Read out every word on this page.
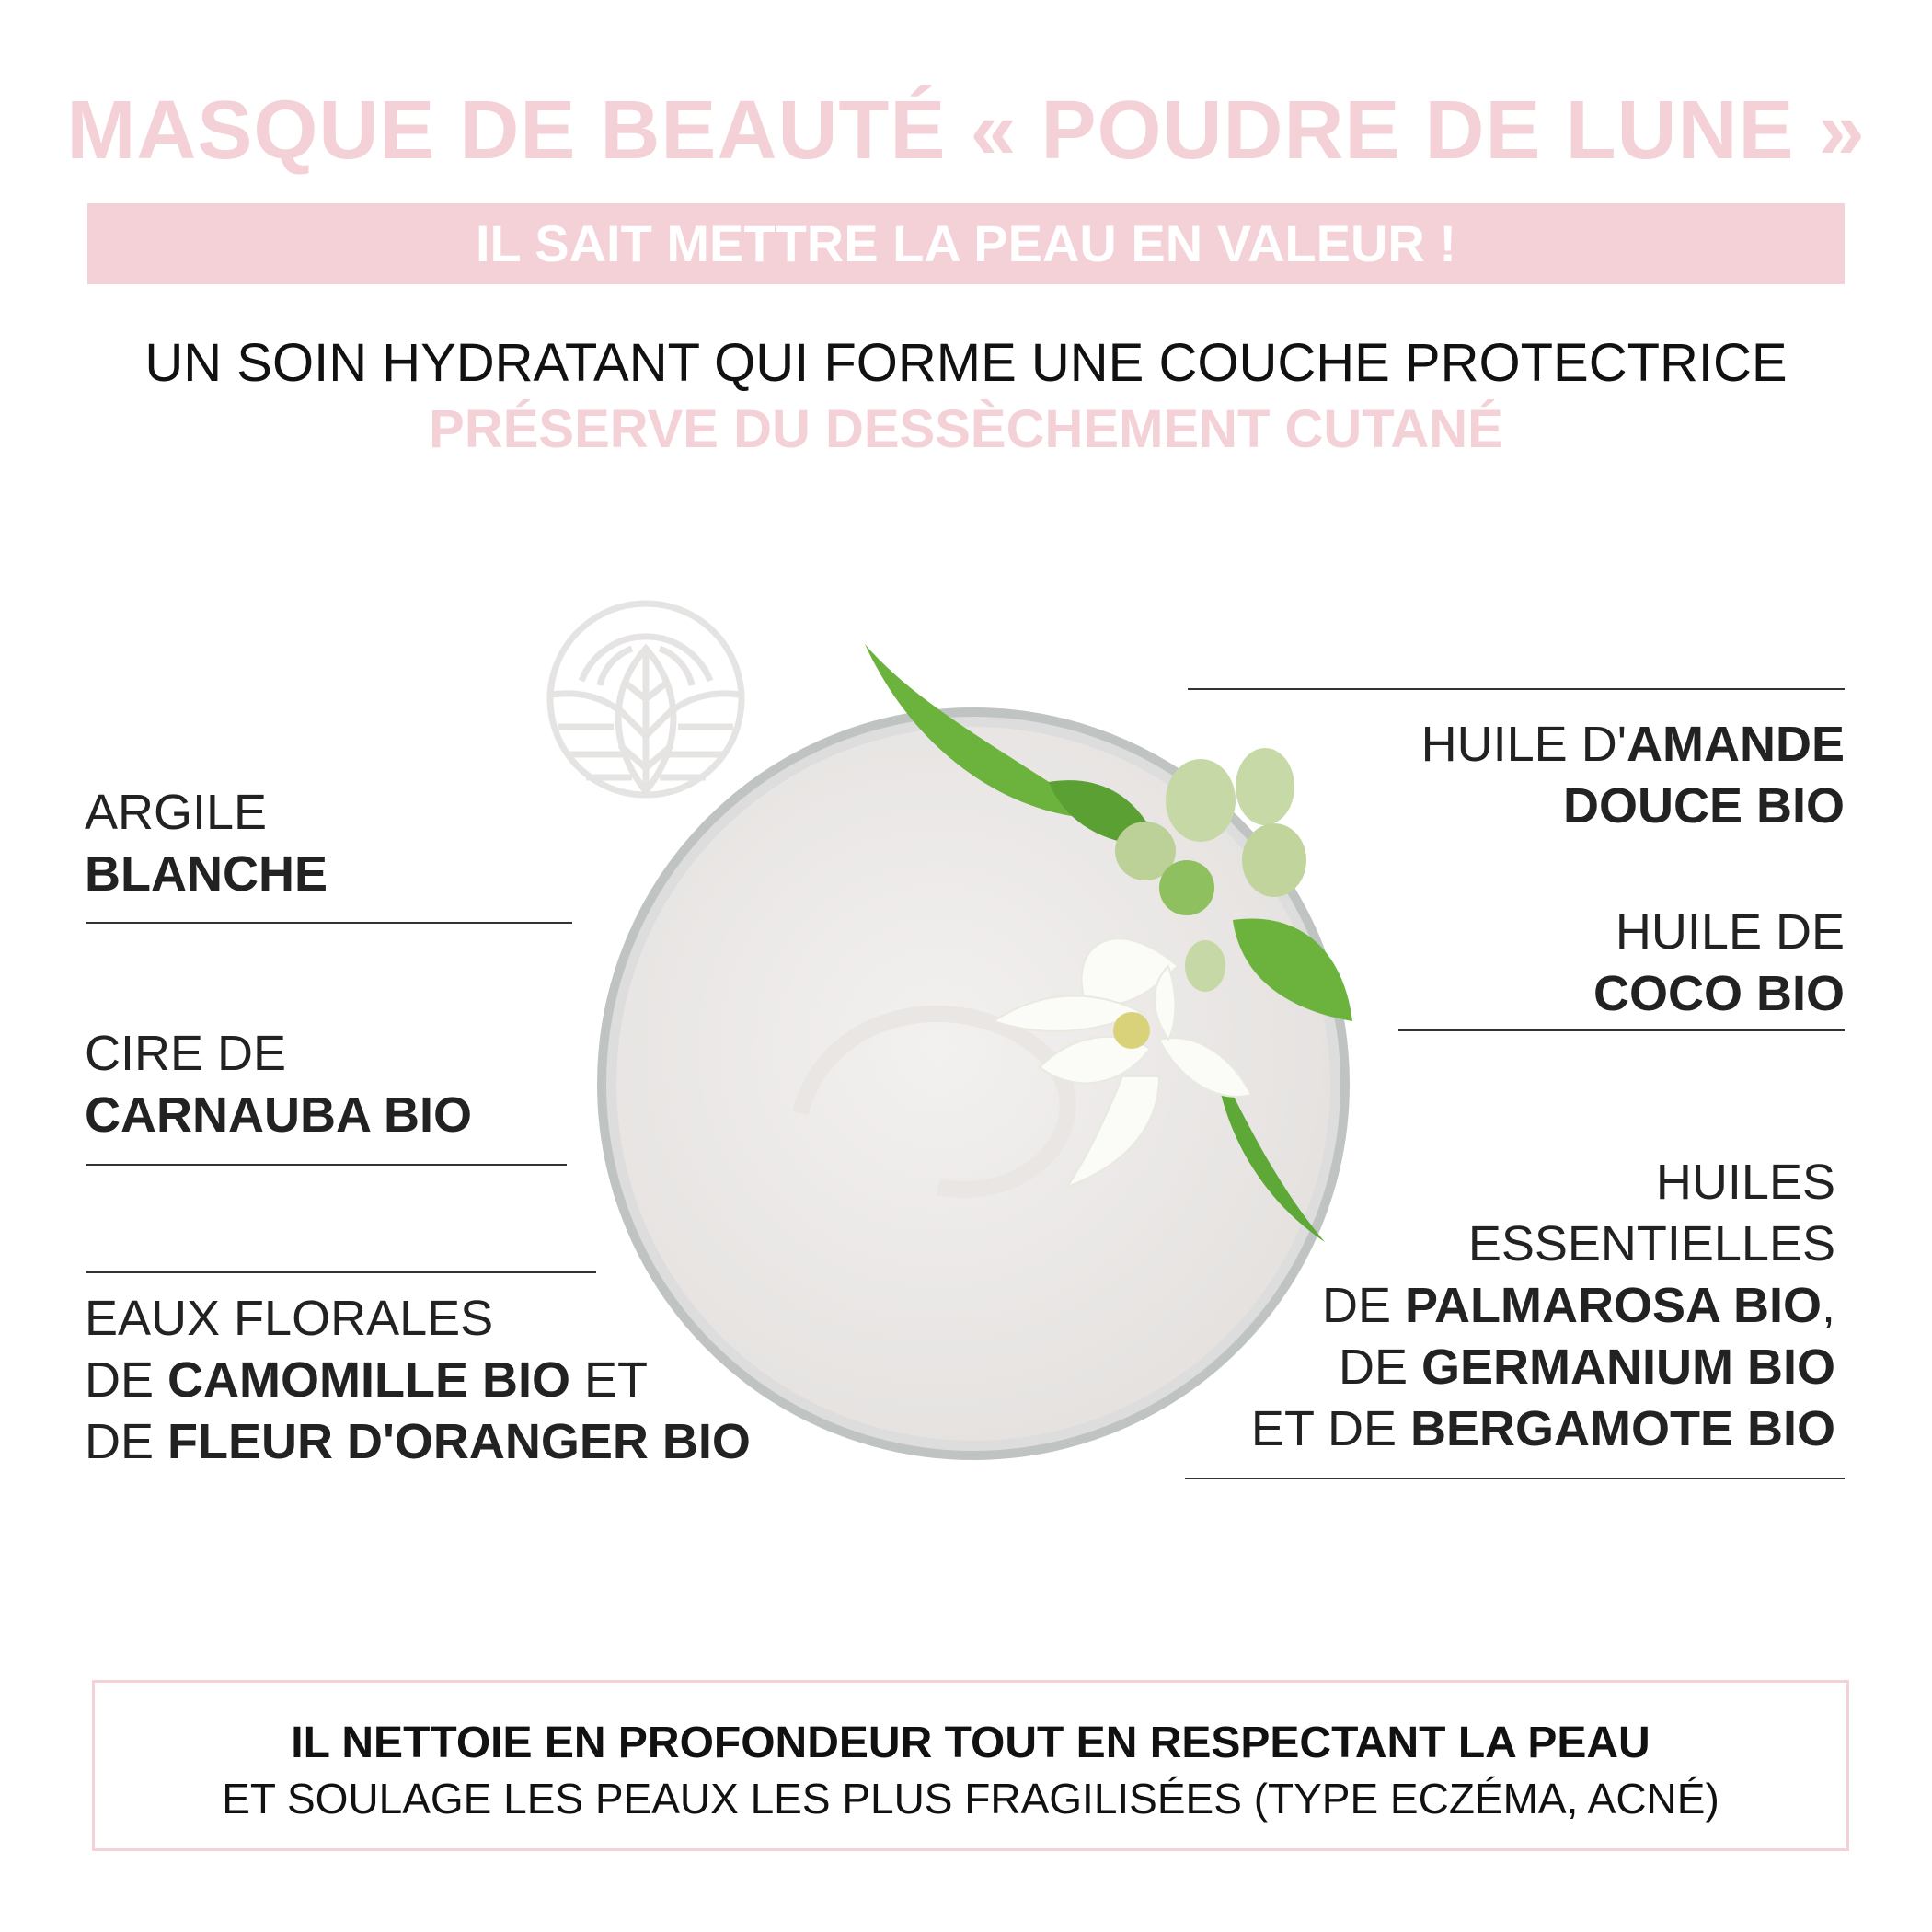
MASQUE DE BEAUTÉ « POUDRE DE LUNE »
IL SAIT METTRE LA PEAU EN VALEUR !
UN SOIN HYDRATANT QUI FORME UNE COUCHE PROTECTRICE
PRÉSERVE DU DESSÈCHEMENT CUTANÉ
ARGILE
BLANCHE
CIRE DE
CARNAUBA BIO
EAUX FLORALES
DE CAMOMILLE BIO ET
DE FLEUR D'ORANGER BIO
HUILE D'AMANDE
DOUCE BIO
HUILE DE
COCO BIO
HUILES
ESSENTIELLES
DE PALMAROSA BIO,
DE GERMANIUM BIO
ET DE BERGAMOTE BIO
IL NETTOIE EN PROFONDEUR TOUT EN RESPECTANT LA PEAU
ET SOULAGE LES PEAUX LES PLUS FRAGILISÉES (TYPE ECZÉMA, ACNÉ)
